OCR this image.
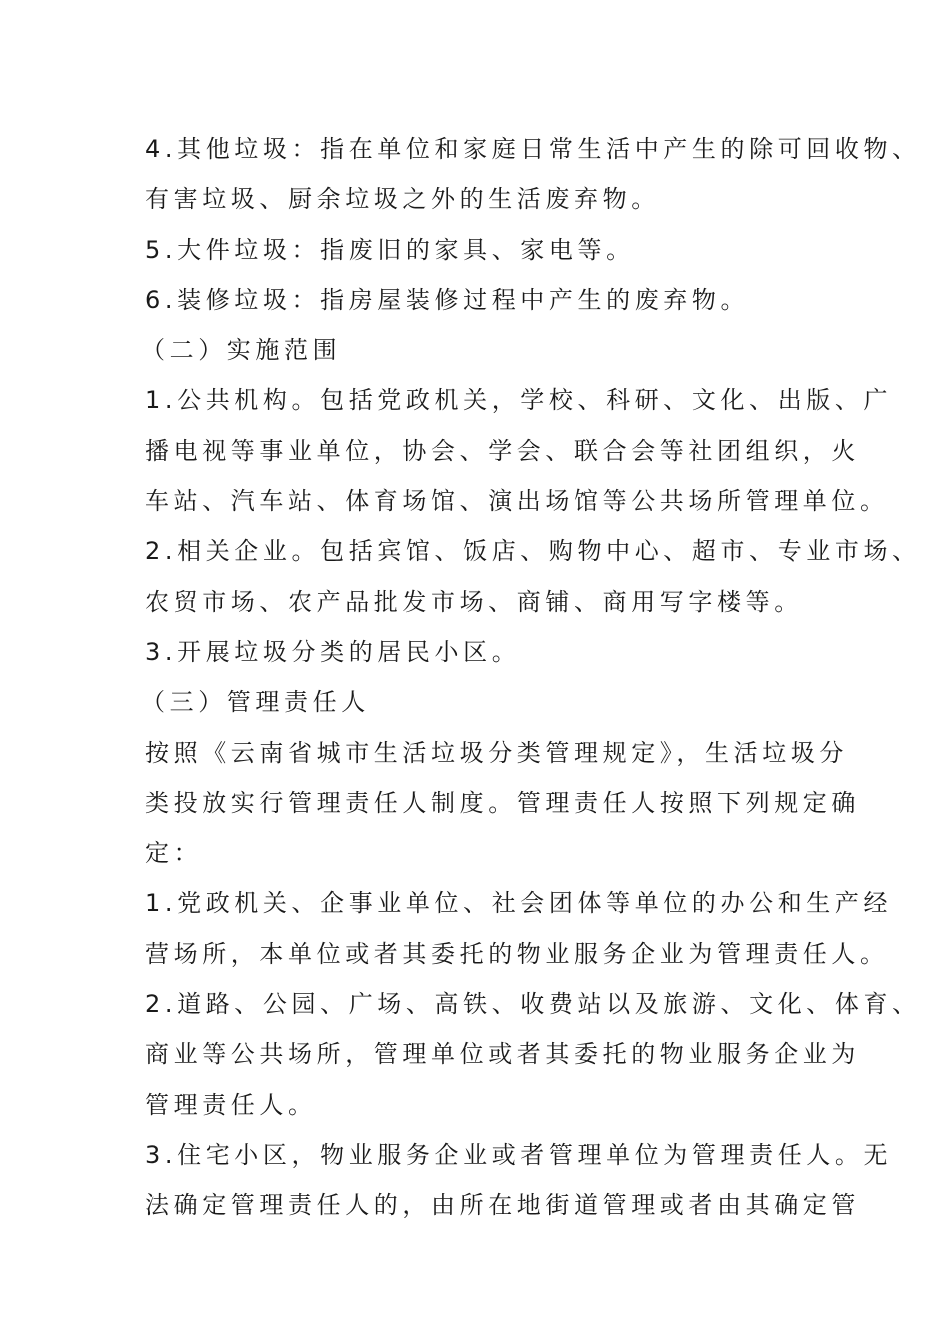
4.其他垃圾：指在单位和家庭日常生活中产生的除可回收物、
有害垃圾、厨余垃圾之外的生活废弃物。
5.大件垃圾：指废旧的家具、家电等。
6.装修垃圾：指房屋装修过程中产生的废弃物。
（二）实施范围
1.公共机构。包括党政机关，学校、科研、文化、出版、广
播电视等事业单位，协会、学会、联合会等社团组织，火
车站、汽车站、体育场馆、演出场馆等公共场所管理单位。
2.相关企业。包括宾馆、饭店、购物中心、超市、专业市场、
农贸市场、农产品批发市场、商铺、商用写字楼等。
3.开展垃圾分类的居民小区。
（三）管理责任人
按照《云南省城市生活垃圾分类管理规定》，生活垃圾分
类投放实行管理责任人制度。管理责任人按照下列规定确
定：
1.党政机关、企事业单位、社会团体等单位的办公和生产经
营场所，本单位或者其委托的物业服务企业为管理责任人。
2.道路、公园、广场、高铁、收费站以及旅游、文化、体育、
商业等公共场所，管理单位或者其委托的物业服务企业为
管理责任人。
3.住宅小区，物业服务企业或者管理单位为管理责任人。无
法确定管理责任人的，由所在地街道管理或者由其确定管
